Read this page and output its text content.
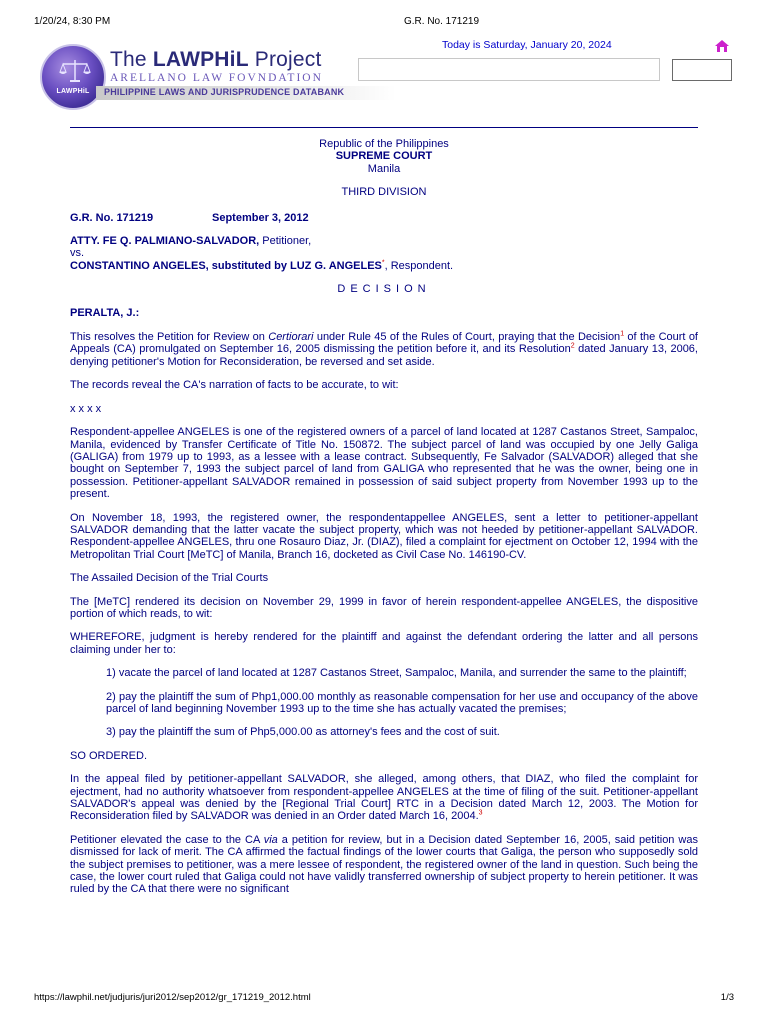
1/20/24, 8:30 PM	G.R. No. 171219
LAWPHiL
The LAWPHiL Project
ARELLANO LAW FOVNDATION
PHILIPPINE LAWS AND JURISPRUDENCE DATABANK
Today is Saturday, January 20, 2024
Republic of the Philippines
SUPREME COURT
Manila
THIRD DIVISION
G.R. No. 171219	September 3, 2012
ATTY. FE Q. PALMIANO-SALVADOR, Petitioner,
vs.
CONSTANTINO ANGELES, substituted by LUZ G. ANGELES*, Respondent.
DECISION
PERALTA, J.:

This resolves the Petition for Review on Certiorari under Rule 45 of the Rules of Court, praying that the Decision$^1$ of the Court of Appeals (CA) promulgated on September 16, 2005 dismissing the petition before it, and its Resolution$^2$ dated January 13, 2006, denying petitioner's Motion for Reconsideration, be reversed and set aside.

The records reveal the CA's narration of facts to be accurate, to wit:

x x x x

Respondent-appellee ANGELES is one of the registered owners of a parcel of land located at 1287 Castanos Street, Sampaloc, Manila, evidenced by Transfer Certificate of Title No. 150872. The subject parcel of land was occupied by one Jelly Galiga (GALIGA) from 1979 up to 1993, as a lessee with a lease contract. Subsequently, Fe Salvador (SALVADOR) alleged that she bought on September 7, 1993 the subject parcel of land from GALIGA who represented that he was the owner, being one in possession. Petitioner-appellant SALVADOR remained in possession of said subject property from November 1993 up to the present.

On November 18, 1993, the registered owner, the respondentappellee ANGELES, sent a letter to petitioner-appellant SALVADOR demanding that the latter vacate the subject property, which was not heeded by petitioner-appellant SALVADOR. Respondent-appellee ANGELES, thru one Rosauro Diaz, Jr. (DIAZ), filed a complaint for ejectment on October 12, 1994 with the Metropolitan Trial Court [MeTC] of Manila, Branch 16, docketed as Civil Case No. 146190-CV.

The Assailed Decision of the Trial Courts

The [MeTC] rendered its decision on November 29, 1999 in favor of herein respondent-appellee ANGELES, the dispositive portion of which reads, to wit:

WHEREFORE, judgment is hereby rendered for the plaintiff and against the defendant ordering the latter and all persons claiming under her to:

1) vacate the parcel of land located at 1287 Castanos Street, Sampaloc, Manila, and surrender the same to the plaintiff;

2) pay the plaintiff the sum of Php1,000.00 monthly as reasonable compensation for her use and occupancy of the above parcel of land beginning November 1993 up to the time she has actually vacated the premises;

3) pay the plaintiff the sum of Php5,000.00 as attorney's fees and the cost of suit.

SO ORDERED.

In the appeal filed by petitioner-appellant SALVADOR, she alleged, among others, that DIAZ, who filed the complaint for ejectment, had no authority whatsoever from respondent-appellee ANGELES at the time of filing of the suit. Petitioner-appellant SALVADOR's appeal was denied by the [Regional Trial Court] RTC in a Decision dated March 12, 2003. The Motion for Reconsideration filed by SALVADOR was denied in an Order dated March 16, 2004.$^3$

Petitioner elevated the case to the CA via a petition for review, but in a Decision dated September 16, 2005, said petition was dismissed for lack of merit. The CA affirmed the factual findings of the lower courts that Galiga, the person who supposedly sold the subject premises to petitioner, was a mere lessee of respondent, the registered owner of the land in question. Such being the case, the lower court ruled that Galiga could not have validly transferred ownership of subject property to herein petitioner. It was ruled by the CA that there were no significant

https://lawphil.net/judjuris/juri2012/sep2012/gr_171219_2012.html	1/3
